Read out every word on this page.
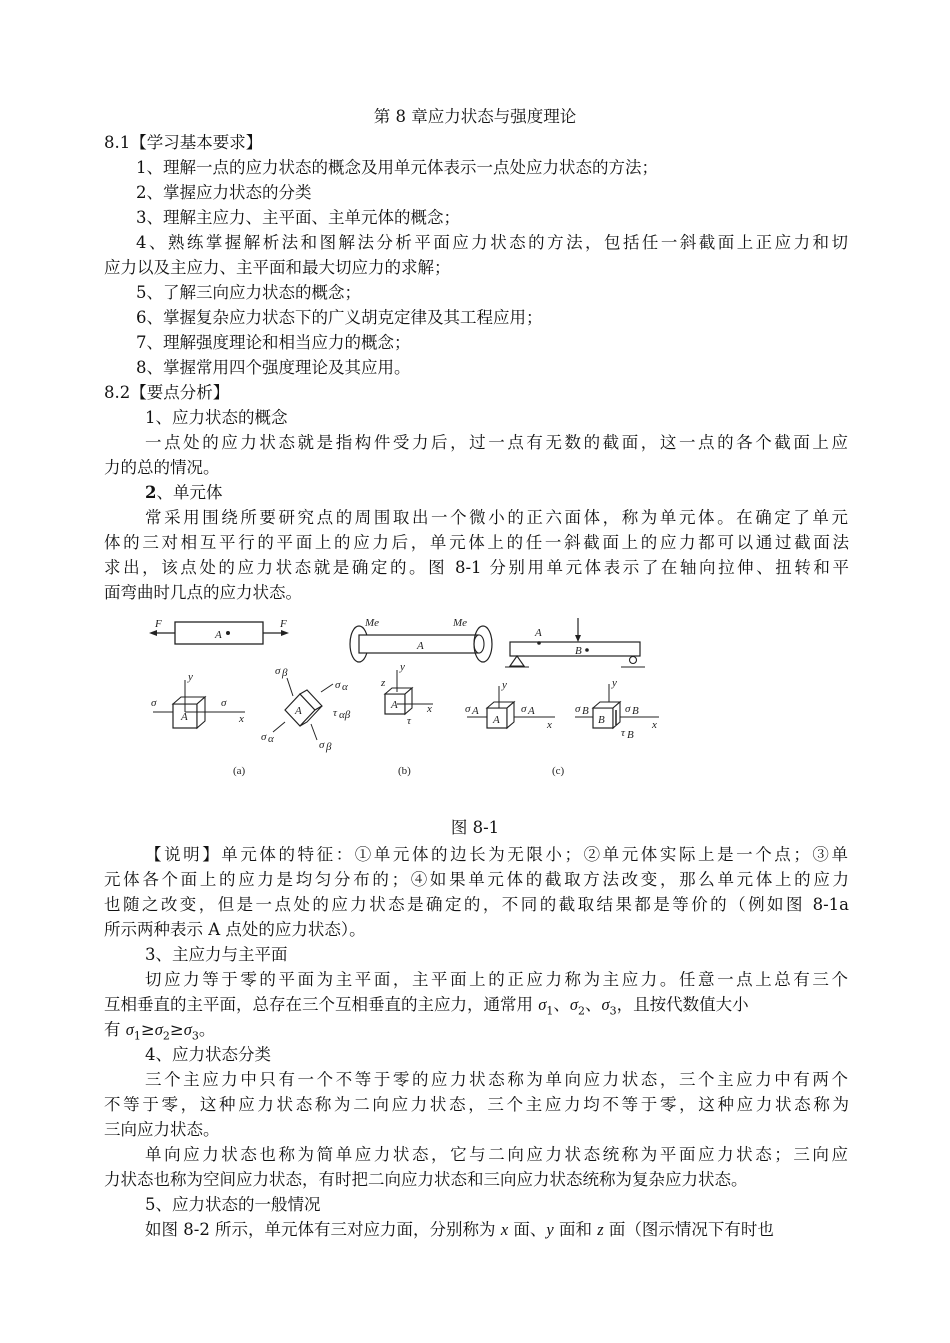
第 8 章应力状态与强度理论
8.1【学习基本要求】
1、理解一点的应力状态的概念及用单元体表示一点处应力状态的方法；
2、掌握应力状态的分类
3、理解主应力、主平面、主单元体的概念；
4、熟练掌握解析法和图解法分析平面应力状态的方法，包括任一斜截面上正应力和切
应力以及主应力、主平面和最大切应力的求解；
5、了解三向应力状态的概念；
6、掌握复杂应力状态下的广义胡克定律及其工程应用；
7、理解强度理论和相当应力的概念；
8、掌握常用四个强度理论及其应用。
8.2【要点分析】
1、应力状态的概念
一点处的应力状态就是指构件受力后，过一点有无数的截面，这一点的各个截面上应
力的总的情况。
2、单元体
常采用围绕所要研究点的周围取出一个微小的正六面体，称为单元体。在确定了单元
体的三对相互平行的平面上的应力后，单元体上的任一斜截面上的应力都可以通过截面法
求出，该点处的应力状态就是确定的。图 8-1 分别用单元体表示了在轴向拉伸、扭转和平
面弯曲时几点的应力状态。
F	F
A
A
σ	σ
y
x
A
σ β
σ α
τ αβ
σ α	σ β
Me	Me
A
A
y
z
x
τ
A
B
A
σ A	σ A
y
x	B
σ B	σ B
y
x
τ B
(a)	(b)	(c)
图 8-1
【说明】单元体的特征：①单元体的边长为无限小；②单元体实际上是一个点；③单
元体各个面上的应力是均匀分布的；④如果单元体的截取方法改变，那么单元体上的应力
也随之改变，但是一点处的应力状态是确定的，不同的截取结果都是等价的（例如图 8-1a
所示两种表示 A 点处的应力状态）。
3、主应力与主平面
切应力等于零的平面为主平面，主平面上的正应力称为主应力。任意一点上总有三个
互相垂直的主平面，总存在三个互相垂直的主应力，通常用 $\sigma_1$、$\sigma_2$、$\sigma_3$，且按代数值大小
有 $\sigma_1\ge\sigma_2\ge\sigma_3$。
4、应力状态分类
三个主应力中只有一个不等于零的应力状态称为单向应力状态，三个主应力中有两个
不等于零，这种应力状态称为二向应力状态，三个主应力均不等于零，这种应力状态称为
三向应力状态。
单向应力状态也称为简单应力状态，它与二向应力状态统称为平面应力状态；三向应
力状态也称为空间应力状态，有时把二向应力状态和三向应力状态统称为复杂应力状态。
5、应力状态的一般情况
如图 8-2 所示，单元体有三对应力面，分别称为 x 面、y 面和 z 面（图示情况下有时也
